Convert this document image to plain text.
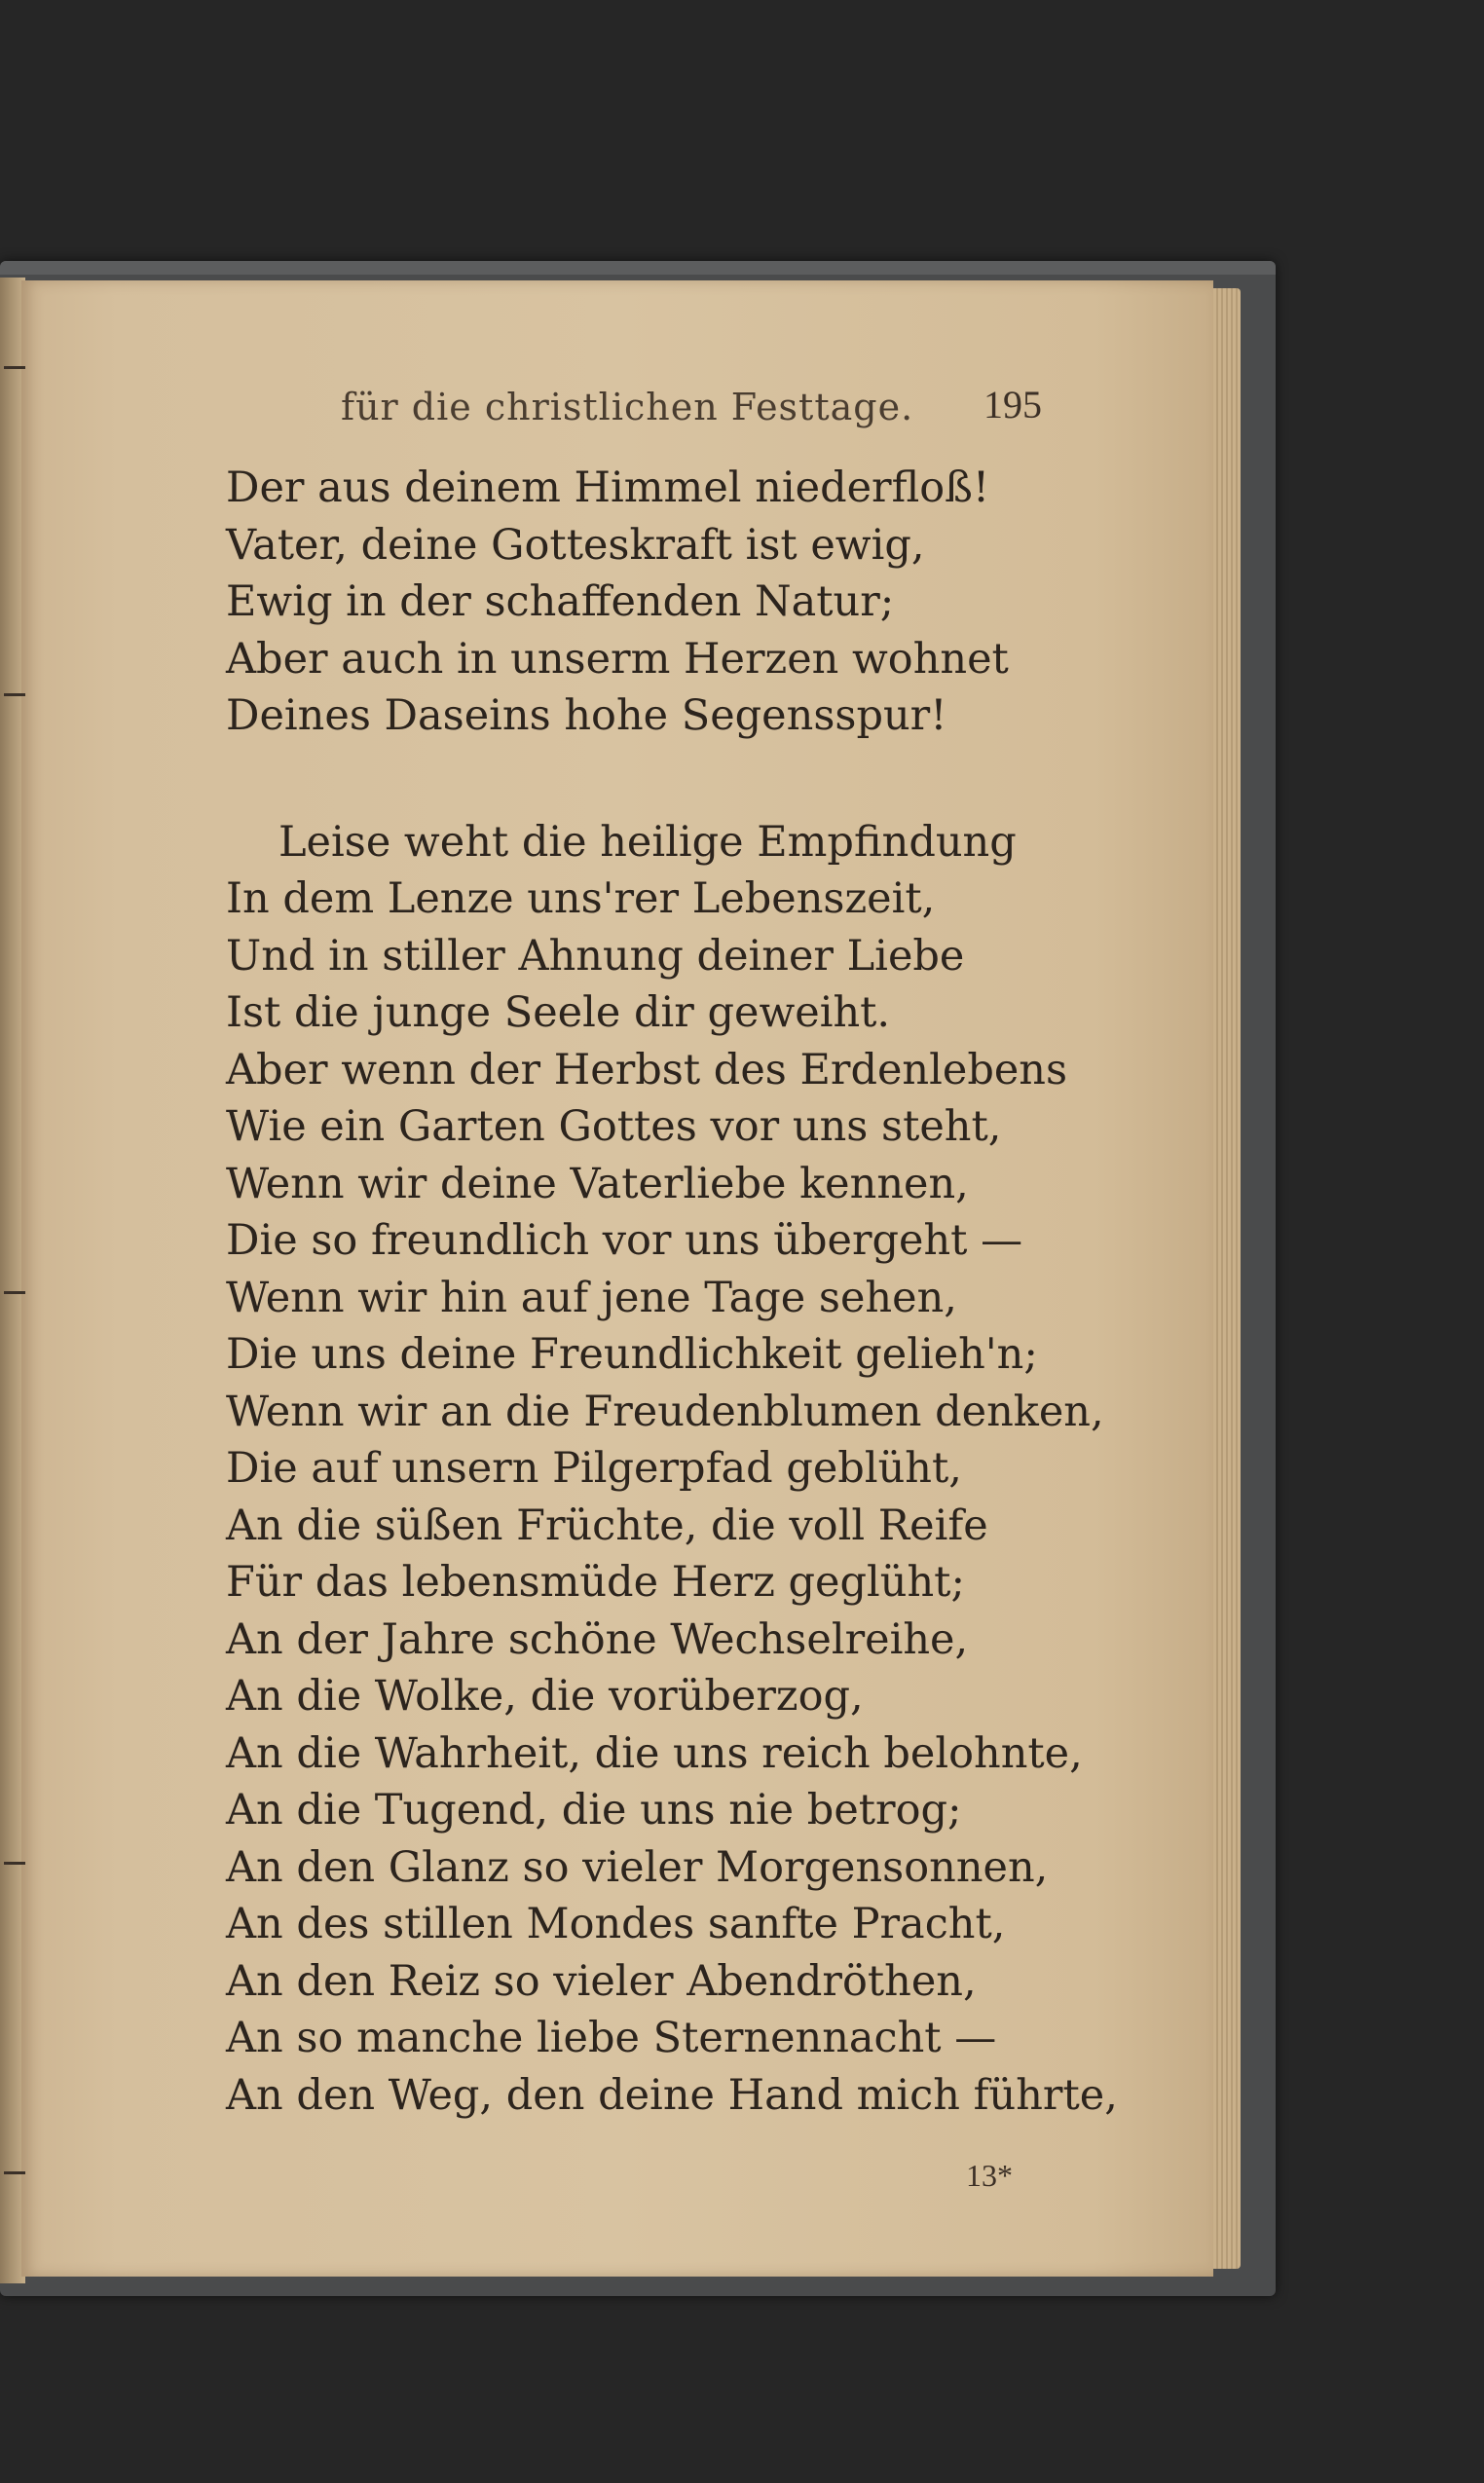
für die christlichen Festtage. 195
Der aus deinem Himmel niederfloß!
Vater, deine Gotteskraft ist ewig,
Ewig in der schaffenden Natur;
Aber auch in unserm Herzen wohnet
Deines Daseins hohe Segensspur!
Leise weht die heilige Empfindung
In dem Lenze uns'rer Lebenszeit,
Und in stiller Ahnung deiner Liebe
Ist die junge Seele dir geweiht.
Aber wenn der Herbst des Erdenlebens
Wie ein Garten Gottes vor uns steht,
Wenn wir deine Vaterliebe kennen,
Die so freundlich vor uns übergeht —
Wenn wir hin auf jene Tage sehen,
Die uns deine Freundlichkeit gelieh'n;
Wenn wir an die Freudenblumen denken,
Die auf unsern Pilgerpfad geblüht,
An die süßen Früchte, die voll Reife
Für das lebensmüde Herz geglüht;
An der Jahre schöne Wechselreihe,
An die Wolke, die vorüberzog,
An die Wahrheit, die uns reich belohnte,
An die Tugend, die uns nie betrog;
An den Glanz so vieler Morgensonnen,
An des stillen Mondes sanfte Pracht,
An den Reiz so vieler Abendröthen,
An so manche liebe Sternennacht —
An den Weg, den deine Hand mich führte,
13*
